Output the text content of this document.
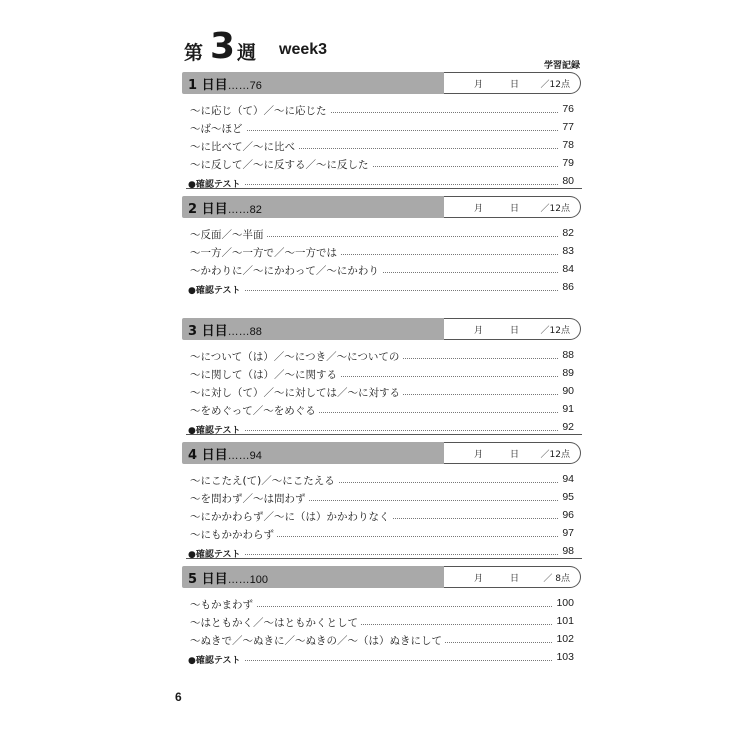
第 3 週 week3
学習記録
1 日目……76	月	日 ／12点
～に応じ（て）／～に応じた	76
～ば～ほど	77
～に比べて／～に比べ	78
～に反して／～に反する／～に反した	79
●確認テスト	80
2 日目……82	月	日 ／12点
～反面／～半面	82
～一方／～一方で／～一方では	83
～かわりに／～にかわって／～にかわり	84
●確認テスト	86
3 日目……88	月	日 ／12点
～について（は）／～につき／～についての	88
～に関して（は）／～に関する	89
～に対し（て）／～に対しては／～に対する	90
～をめぐって／～をめぐる	91
●確認テスト	92
4 日目……94	月	日 ／12点
～にこたえ(て)／～にこたえる	94
～を問わず／～は問わず	95
～にかかわらず／～に（は）かかわりなく	96
～にもかかわらず	97
●確認テスト	98
5 日目……100	月	日	／ 8点
～もかまわず	100
～はともかく／～はともかくとして	101
～ぬきで／～ぬきに／～ぬきの／～（は）ぬきにして	102
●確認テスト	103
6
